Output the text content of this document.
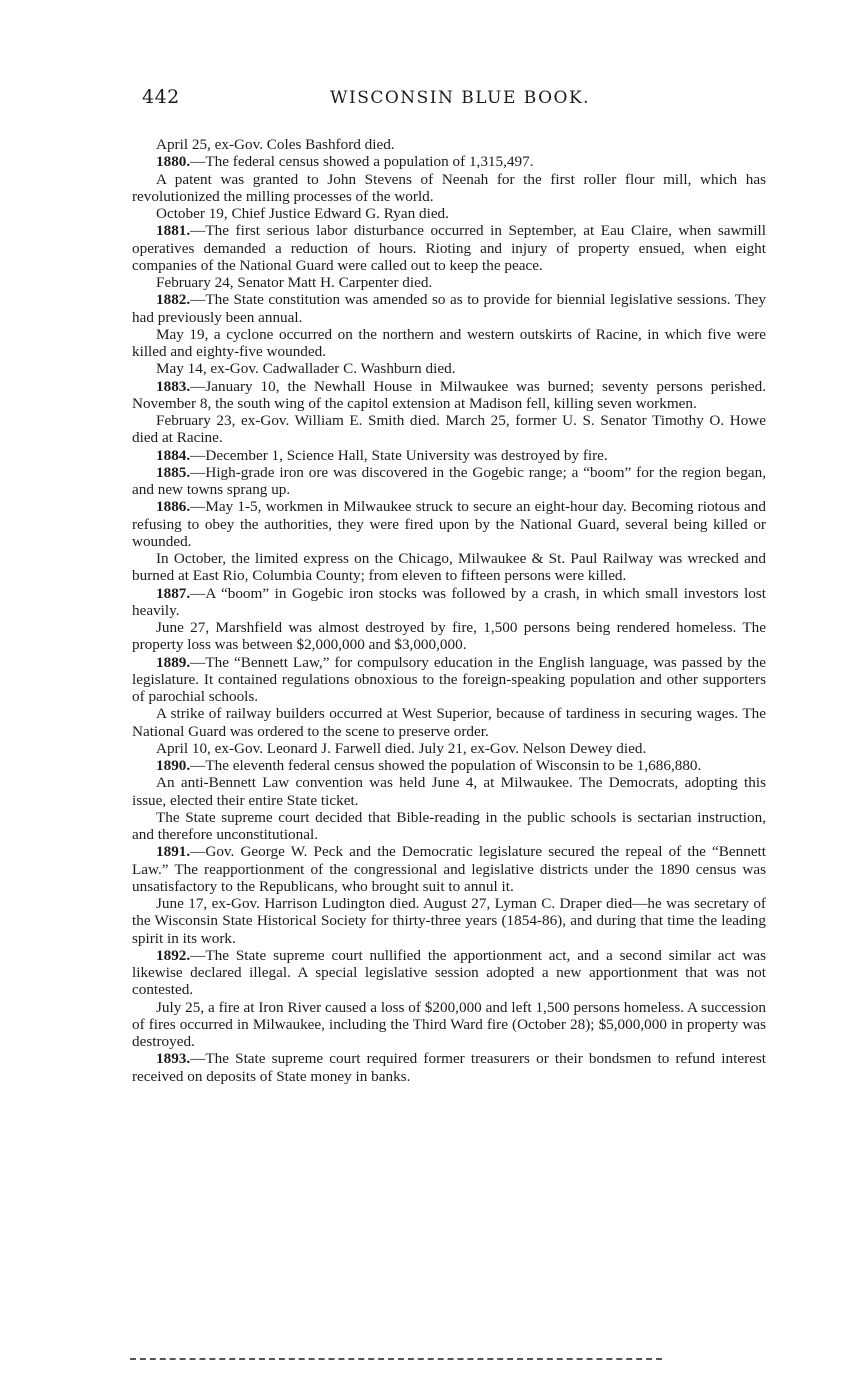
442	WISCONSIN BLUE BOOK.

April 25, ex-Gov. Coles Bashford died.

1880.—The federal census showed a population of 1,315,497.

A patent was granted to John Stevens of Neenah for the first roller flour mill, which has revolutionized the milling processes of the world.

October 19, Chief Justice Edward G. Ryan died.

1881.—The first serious labor disturbance occurred in September, at Eau Claire, when sawmill operatives demanded a reduction of hours. Rioting and injury of property ensued, when eight companies of the National Guard were called out to keep the peace.

February 24, Senator Matt H. Carpenter died.

1882.—The State constitution was amended so as to provide for biennial legislative sessions. They had previously been annual.

May 19, a cyclone occurred on the northern and western outskirts of Racine, in which five were killed and eighty-five wounded.

May 14, ex-Gov. Cadwallader C. Washburn died.

1883.—January 10, the Newhall House in Milwaukee was burned; seventy persons perished. November 8, the south wing of the capitol extension at Madison fell, killing seven workmen.

February 23, ex-Gov. William E. Smith died. March 25, former U. S. Senator Timothy O. Howe died at Racine.

1884.—December 1, Science Hall, State University was destroyed by fire.

1885.—High-grade iron ore was discovered in the Gogebic range; a “boom” for the region began, and new towns sprang up.

1886.—May 1-5, workmen in Milwaukee struck to secure an eight-hour day. Becoming riotous and refusing to obey the authorities, they were fired upon by the National Guard, several being killed or wounded.

In October, the limited express on the Chicago, Milwaukee & St. Paul Railway was wrecked and burned at East Rio, Columbia County; from eleven to fifteen persons were killed.

1887.—A “boom” in Gogebic iron stocks was followed by a crash, in which small investors lost heavily.

June 27, Marshfield was almost destroyed by fire, 1,500 persons being rendered homeless. The property loss was between $2,000,000 and $3,000,000.

1889.—The “Bennett Law,” for compulsory education in the English language, was passed by the legislature. It contained regulations obnoxious to the foreign-speaking population and other supporters of parochial schools.

A strike of railway builders occurred at West Superior, because of tardiness in securing wages. The National Guard was ordered to the scene to preserve order.

April 10, ex-Gov. Leonard J. Farwell died. July 21, ex-Gov. Nelson Dewey died.

1890.—The eleventh federal census showed the population of Wisconsin to be 1,686,880.

An anti-Bennett Law convention was held June 4, at Milwaukee. The Democrats, adopting this issue, elected their entire State ticket.

The State supreme court decided that Bible-reading in the public schools is sectarian instruction, and therefore unconstitutional.

1891.—Gov. George W. Peck and the Democratic legislature secured the repeal of the “Bennett Law.” The reapportionment of the congressional and legislative districts under the 1890 census was unsatisfactory to the Republicans, who brought suit to annul it.

June 17, ex-Gov. Harrison Ludington died. August 27, Lyman C. Draper died—he was secretary of the Wisconsin State Historical Society for thirty-three years (1854-86), and during that time the leading spirit in its work.

1892.—The State supreme court nullified the apportionment act, and a second similar act was likewise declared illegal. A special legislative session adopted a new apportionment that was not contested.

July 25, a fire at Iron River caused a loss of $200,000 and left 1,500 persons homeless. A succession of fires occurred in Milwaukee, including the Third Ward fire (October 28); $5,000,000 in property was destroyed.

1893.—The State supreme court required former treasurers or their bondsmen to refund interest received on deposits of State money in banks.
